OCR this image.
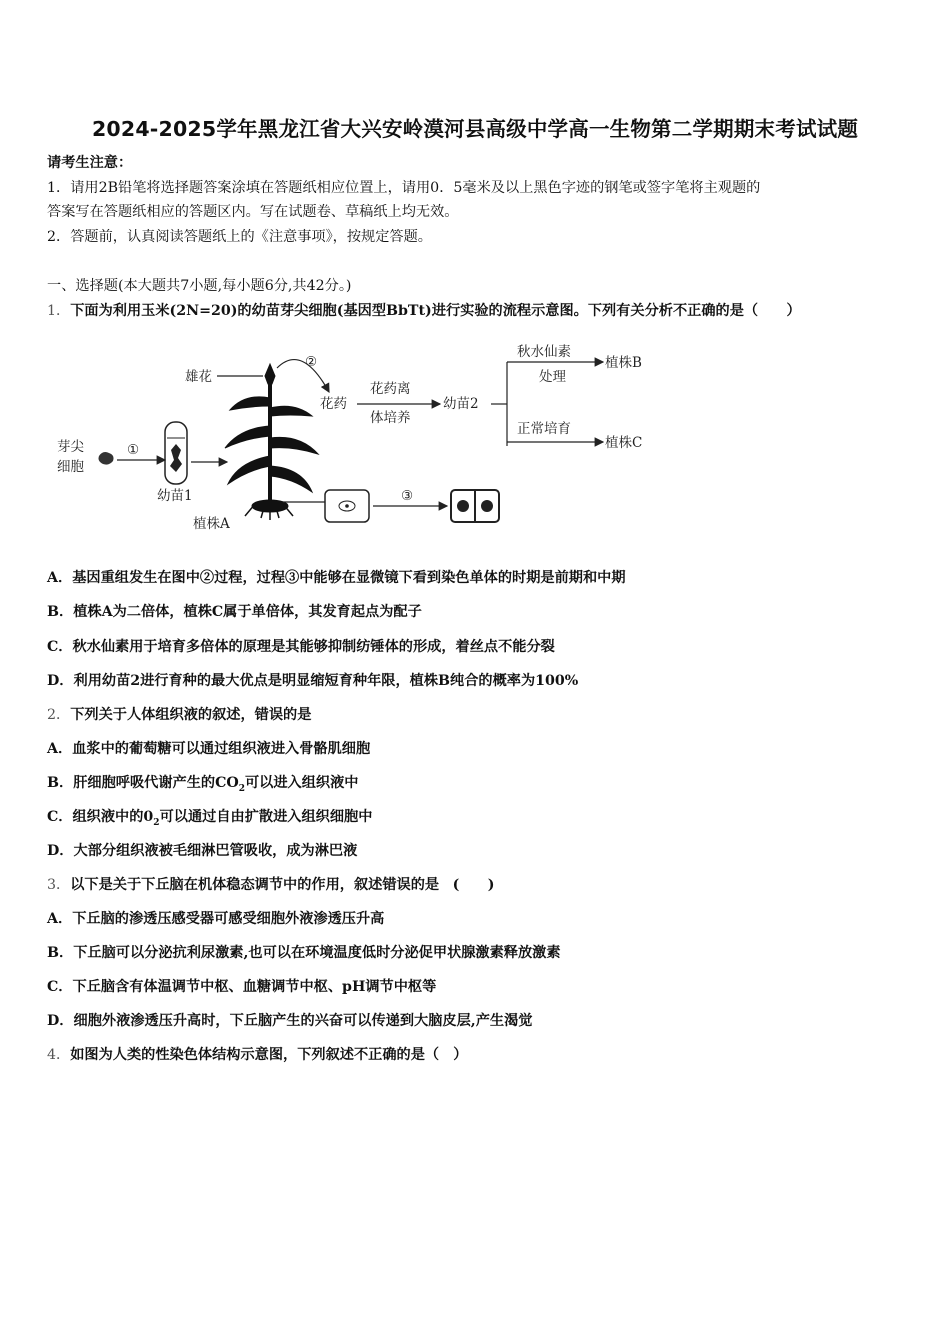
2024-2025学年黑龙江省大兴安岭漠河县高级中学高一生物第二学期期末考试试题
请考生注意：
1．请用2B铅笔将选择题答案涂填在答题纸相应位置上，请用0．5毫米及以上黑色字迹的钢笔或签字笔将主观题的
答案写在答题纸相应的答题区内。写在试题卷、草稿纸上均无效。
2．答题前，认真阅读答题纸上的《注意事项》，按规定答题。
一、选择题(本大题共7小题,每小题6分,共42分。)
1．下面为利用玉米(2N=20)的幼苗芽尖细胞(基因型BbTt)进行实验的流程示意图。下列有关分析不正确的是（　　）
芽尖
细胞
①
幼苗1
雄花
植株A
②
花药
花药离
体培养
幼苗2
秋水仙素
处理
植株B
正常培育
植株C
③
A．基因重组发生在图中②过程，过程③中能够在显微镜下看到染色单体的时期是前期和中期
B．植株A为二倍体，植株C属于单倍体，其发育起点为配子
C．秋水仙素用于培育多倍体的原理是其能够抑制纺锤体的形成，着丝点不能分裂
D．利用幼苗2进行育种的最大优点是明显缩短育种年限，植株B纯合的概率为100%
2．下列关于人体组织液的叙述，错误的是
A．血浆中的葡萄糖可以通过组织液进入骨骼肌细胞
B．肝细胞呼吸代谢产生的$CO_2$可以进入组织液中
C．组织液中的$0_2$可以通过自由扩散进入组织细胞中
D．大部分组织液被毛细淋巴管吸收，成为淋巴液
3．以下是关于下丘脑在机体稳态调节中的作用，叙述错误的是 (　　)
A．下丘脑的渗透压感受器可感受细胞外液渗透压升高
B．下丘脑可以分泌抗利尿激素,也可以在环境温度低时分泌促甲状腺激素释放激素
C．下丘脑含有体温调节中枢、血糖调节中枢、pH调节中枢等
D．细胞外液渗透压升高时，下丘脑产生的兴奋可以传递到大脑皮层,产生渴觉
4．如图为人类的性染色体结构示意图，下列叙述不正确的是（　）
